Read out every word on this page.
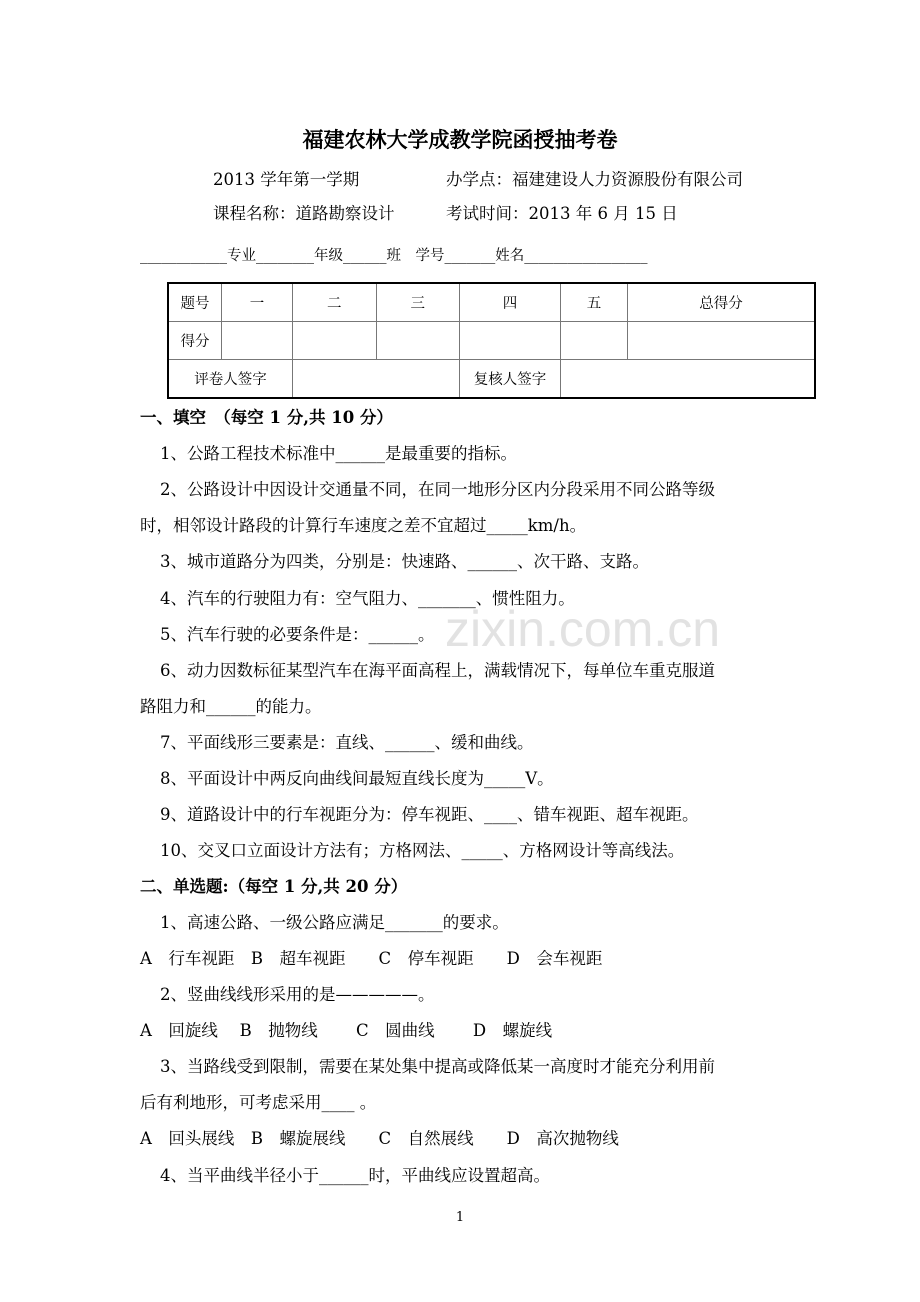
zixin.com.cn
福建农林大学成教学院函授抽考卷
2013 学年第一学期	办学点：福建建设人力资源股份有限公司
课程名称：道路勘察设计	考试时间：2013 年 6 月 15 日
____________专业________年级______班　学号_______姓名_________________
题号	一	二	三	四	五	总得分
得分						
评卷人签字				复核人签字		
一、填空　（每空 1 分,共 10 分）
1、公路工程技术标准中______是最重要的指标。
2、公路设计中因设计交通量不同，在同一地形分区内分段采用不同公路等级
时，相邻设计路段的计算行车速度之差不宜超过_____km/h。
3、城市道路分为四类，分别是：快速路、______、次干路、支路。
4、汽车的行驶阻力有：空气阻力、_______、惯性阻力。
5、汽车行驶的必要条件是：______。
6、动力因数标征某型汽车在海平面高程上，满载情况下，每单位车重克服道
路阻力和______的能力。
7、平面线形三要素是：直线、______、缓和曲线。
8、平面设计中两反向曲线间最短直线长度为_____V。
9、道路设计中的行车视距分为：停车视距、____、错车视距、超车视距。
10、交叉口立面设计方法有；方格网法、_____、方格网设计等高线法。
二、单选题:（每空 1 分,共 20 分）
1、高速公路、一级公路应满足_______的要求。
A　行车视距　B　超车视距　　C　停车视距　　D　会车视距
2、竖曲线线形采用的是—————。
A　回旋线　 B　抛物线　　 C　圆曲线　　 D　螺旋线
3、当路线受到限制，需要在某处集中提高或降低某一高度时才能充分利用前
后有利地形，可考虑采用____ 。
A　回头展线　B　螺旋展线　　C　自然展线　　D　高次抛物线
4、当平曲线半径小于______时，平曲线应设置超高。
1
